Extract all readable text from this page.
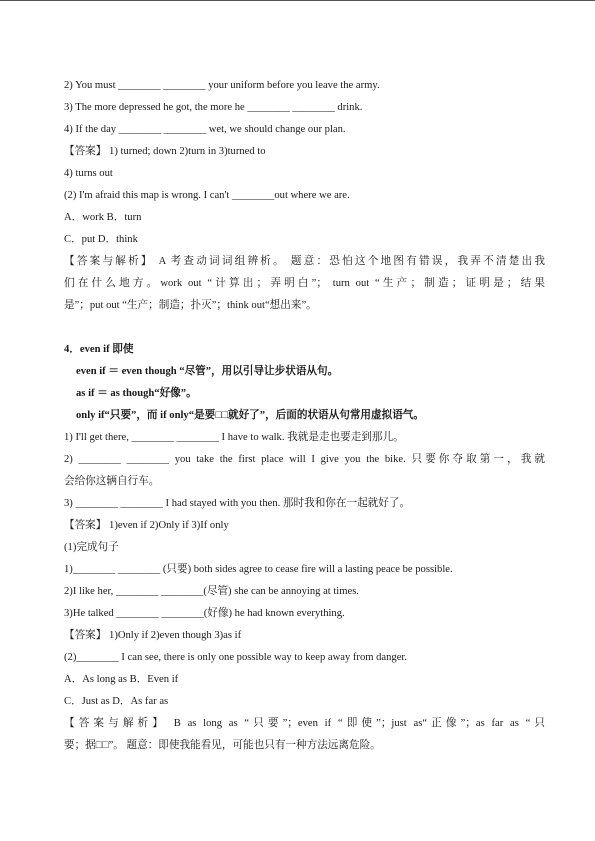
2) You must ________ ________ your uniform before you leave the army.
3) The more depressed he got, the more he ________ ________ drink.
4) If the day ________ ________ wet, we should change our plan.
【答案】 1) turned; down 2)turn in 3)turned to
4) turns out
(2) I'm afraid this map is wrong. I can't ________out where we are.
A．work B．turn
C．put D．think
【答案与解析】 A 考查动词词组辨析。 题意：恐怕这个地图有错误，我弄不清楚出我
们在什么地方。work out “计算出；弄明白”； turn out “生产；制造；证明是；结果
是”；put out “生产；制造；扑灭”；think out“想出来”。
4．even if 即使
even if ＝ even though “尽管”，用以引导让步状语从句。
as if ＝ as though“好像”。
only if“只要”，而 if only“是要□□就好了”，后面的状语从句常用虚拟语气。
1) I'll get there, ________ ________ I have to walk. 我就是走也要走到那儿。
2) ________ ________ you take the first place will I give you the bike. 只要你夺取第一，我就
会给你这辆自行车。
3) ________ ________ I had stayed with you then. 那时我和你在一起就好了。
【答案】 1)even if 2)Only if 3)If only
(1)完成句子
1)________ ________ (只要) both sides agree to cease fire will a lasting peace be possible.
2)I like her, ________ ________(尽管) she can be annoying at times.
3)He talked ________ ________(好像) he had known everything.
【答案】 1)Only if 2)even though 3)as if
(2)________ I can see, there is only one possible way to keep away from danger.
A．As long as B．Even if
C．Just as D．As far as
【答案与解析】 B as long as “只要”；even if “即使”；just as“正像”；as far as “只
要；据□□”。 题意：即使我能看见，可能也只有一种方法远离危险。
